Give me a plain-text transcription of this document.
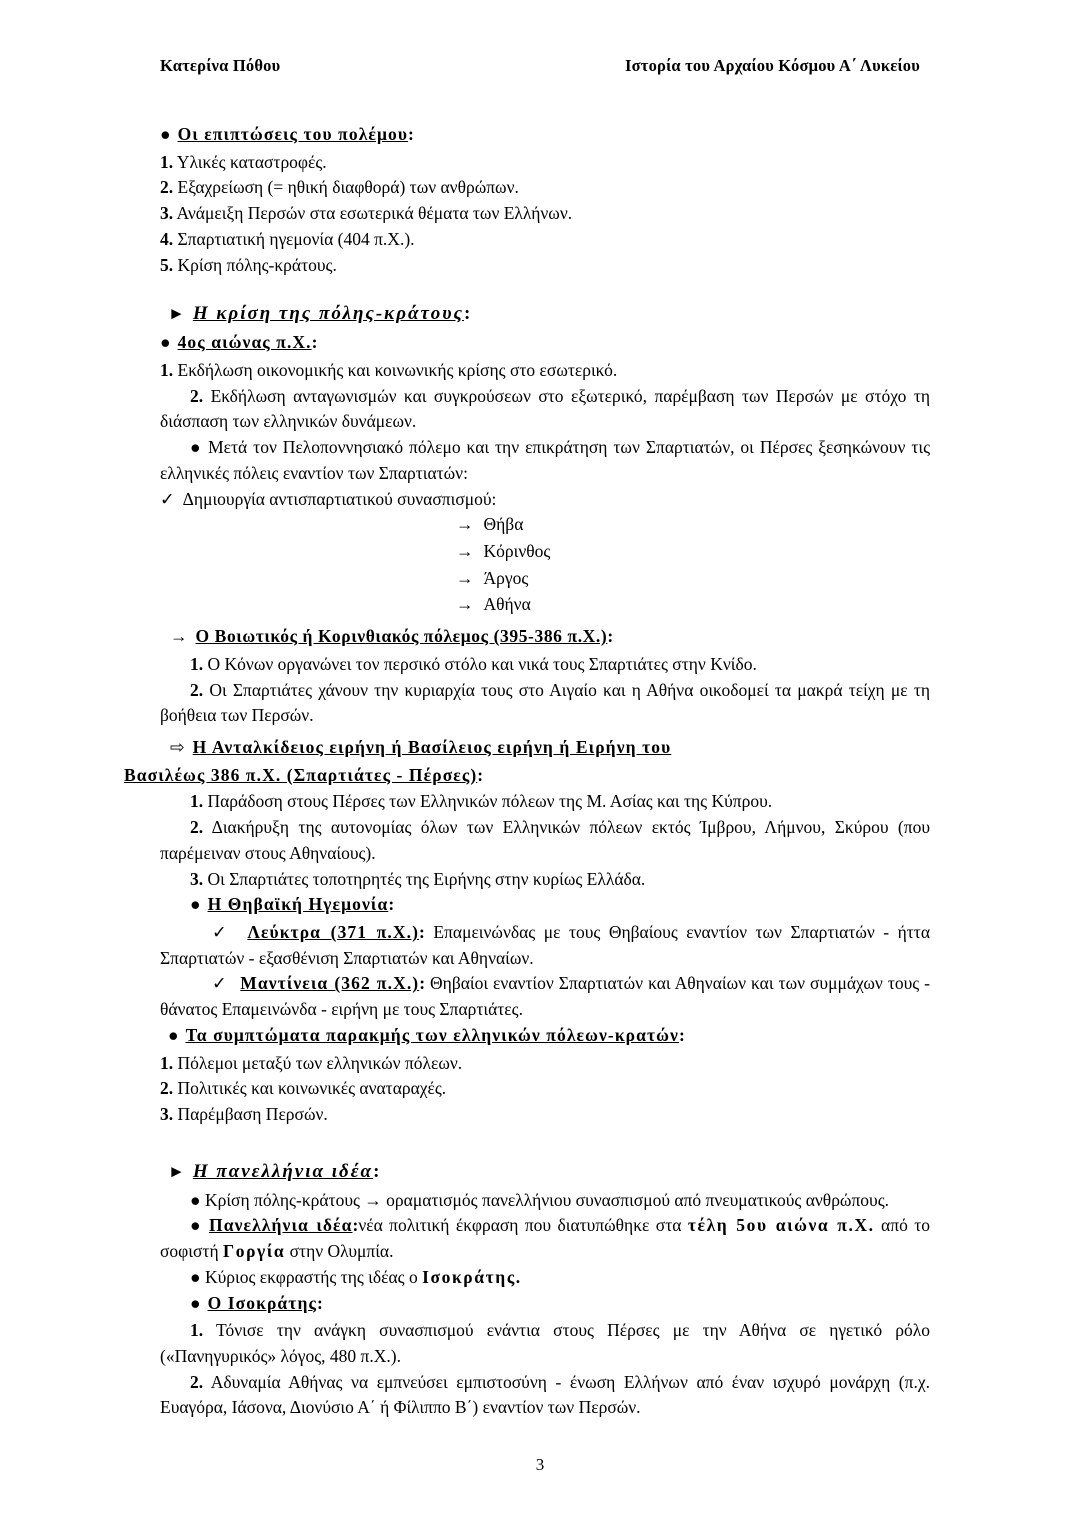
Κατερίνα Πόθου	Ιστορία του Αρχαίου Κόσμου Α΄ Λυκείου
● Οι επιπτώσεις του πολέμου:

1. Υλικές καταστροφές.

2. Εξαχρείωση (= ηθική διαφθορά) των ανθρώπων.

3. Ανάμειξη Περσών στα εσωτερικά θέματα των Ελλήνων.

4. Σπαρτιατική ηγεμονία (404 π.Χ.).

5. Κρίση πόλης-κράτους.

► Η κρίση της πόλης-κράτους:
● 4ος αιώνας π.Χ.:

1. Εκδήλωση οικονομικής και κοινωνικής κρίσης στο εσωτερικό.

2. Εκδήλωση ανταγωνισμών και συγκρούσεων στο εξωτερικό, παρέμβαση των Περσών με στόχο τη διάσπαση των ελληνικών δυνάμεων.

● Μετά τον Πελοποννησιακό πόλεμο και την επικράτηση των Σπαρτιατών, οι Πέρσες ξεσηκώνουν τις ελληνικές πόλεις εναντίον των Σπαρτιατών:

✓ Δημιουργία αντισπαρτιατικού συνασπισμού:

→ Θήβα

→ Κόρινθος

→ Άργος

→ Αθήνα

→ Ο Βοιωτικός ή Κορινθιακός πόλεμος (395-386 π.Χ.):

1. Ο Κόνων οργανώνει τον περσικό στόλο και νικά τους Σπαρτιάτες στην Κνίδο.

2. Οι Σπαρτιάτες χάνουν την κυριαρχία τους στο Αιγαίο και η Αθήνα οικοδομεί τα μακρά τείχη με τη βοήθεια των Περσών.

⇨ Η Ανταλκίδειος ειρήνη ή Βασίλειος ειρήνη ή Ειρήνη του

Βασιλέως 386 π.Χ. (Σπαρτιάτες - Πέρσες):

1. Παράδοση στους Πέρσες των Ελληνικών πόλεων της Μ. Ασίας και της Κύπρου.

2. Διακήρυξη της αυτονομίας όλων των Ελληνικών πόλεων εκτός Ίμβρου, Λήμνου, Σκύρου (που παρέμειναν στους Αθηναίους).

3. Οι Σπαρτιάτες τοποτηρητές της Ειρήνης στην κυρίως Ελλάδα.

● Η Θηβαϊκή Ηγεμονία:

✓ Λεύκτρα (371 π.Χ.): Επαμεινώνδας με τους Θηβαίους εναντίον των Σπαρτιατών - ήττα Σπαρτιατών - εξασθένιση Σπαρτιατών και Αθηναίων.

✓ Μαντίνεια (362 π.Χ.): Θηβαίοι εναντίον Σπαρτιατών και Αθηναίων και των συμμάχων τους - θάνατος Επαμεινώνδα - ειρήνη με τους Σπαρτιάτες.

● Τα συμπτώματα παρακμής των ελληνικών πόλεων-κρατών:

1. Πόλεμοι μεταξύ των ελληνικών πόλεων.

2. Πολιτικές και κοινωνικές αναταραχές.

3. Παρέμβαση Περσών.

► Η πανελλήνια ιδέα:

● Κρίση πόλης-κράτους → οραματισμός πανελλήνιου συνασπισμού από πνευματικούς ανθρώπους.

● Πανελλήνια ιδέα:νέα πολιτική έκφραση που διατυπώθηκε στα τέλη 5ου αιώνα π.Χ. από το σοφιστή Γοργία στην Ολυμπία.

● Κύριος εκφραστής της ιδέας ο Ισοκράτης.

● Ο Ισοκράτης:

1. Τόνισε την ανάγκη συνασπισμού ενάντια στους Πέρσες με την Αθήνα σε ηγετικό ρόλο («Πανηγυρικός» λόγος, 480 π.Χ.).

2. Αδυναμία Αθήνας να εμπνεύσει εμπιστοσύνη - ένωση Ελλήνων από έναν ισχυρό μονάρχη (π.χ. Ευαγόρα, Ιάσονα, Διονύσιο Α΄ ή Φίλιππο Β΄) εναντίον των Περσών.

3
